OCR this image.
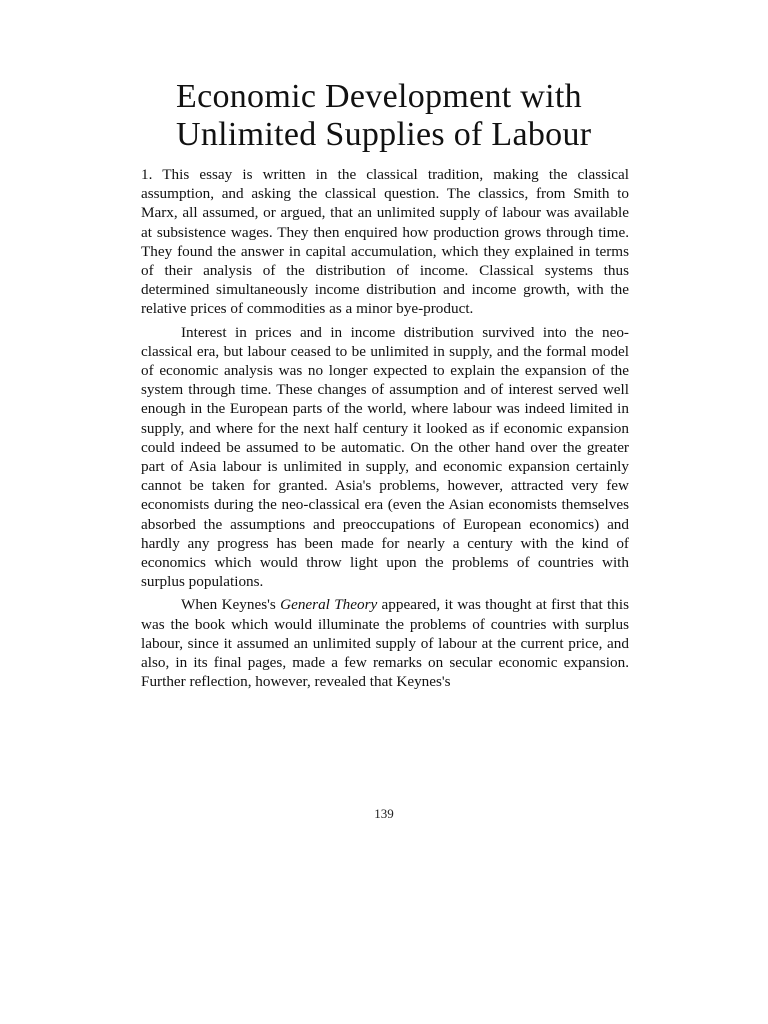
Economic Development with
Unlimited Supplies of Labour

1. This essay is written in the classical tradition, making the classical assumption, and asking the classical question. The classics, from Smith to Marx, all assumed, or argued, that an unlimited supply of labour was available at subsistence wages. They then enquired how production grows through time. They found the answer in capital accumulation, which they explained in terms of their analysis of the distribution of income. Classical systems thus determined simultaneously income distribution and income growth, with the relative prices of commodities as a minor bye-product.

Interest in prices and in income distribution survived into the neo-classical era, but labour ceased to be unlimited in supply, and the formal model of economic analysis was no longer expected to explain the expansion of the system through time. These changes of assumption and of interest served well enough in the European parts of the world, where labour was indeed limited in supply, and where for the next half century it looked as if economic expansion could indeed be assumed to be automatic. On the other hand over the greater part of Asia labour is unlimited in supply, and economic expansion certainly cannot be taken for granted. Asia's problems, however, attracted very few economists during the neo-classical era (even the Asian economists themselves absorbed the assumptions and preoccupations of European economics) and hardly any progress has been made for nearly a century with the kind of economics which would throw light upon the problems of countries with surplus populations.

When Keynes's General Theory appeared, it was thought at first that this was the book which would illuminate the problems of countries with surplus labour, since it assumed an unlimited supply of labour at the current price, and also, in its final pages, made a few remarks on secular economic expansion. Further reflection, however, revealed that Keynes's

139
